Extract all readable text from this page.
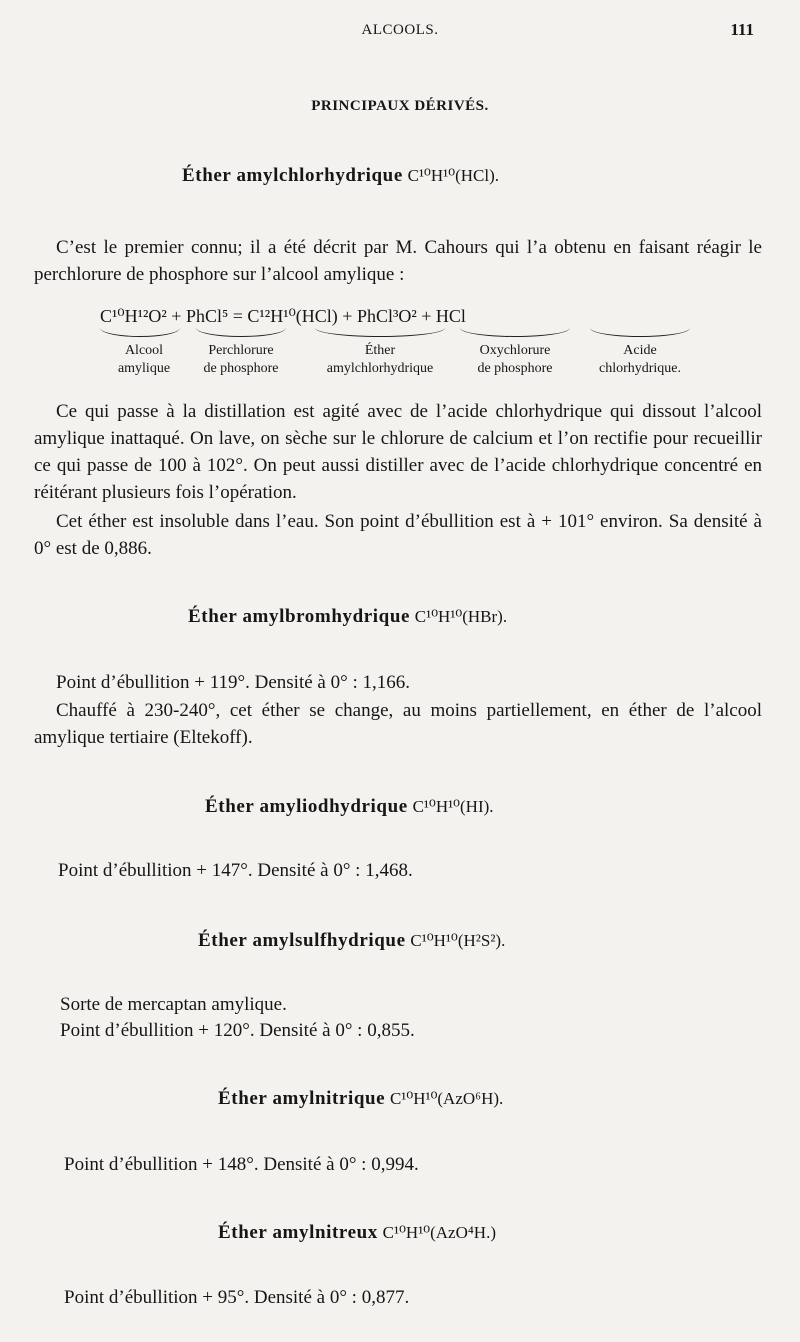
ALCOOLS.	111
PRINCIPAUX DÉRIVÉS.
Éther amylchlorhydrique C¹⁰H¹⁰(HCl).
C’est le premier connu; il a été décrit par M. Cahours qui l’a obtenu en faisant réagir le perchlorure de phosphore sur l’alcool amylique :
C¹⁰H¹²O² + PhCl⁵ = C¹²H¹⁰(HCl) + PhCl³O² + HCl
Alcool
amylique
Perchlorure
de phosphore
Éther
amylchlorhydrique
Oxychlorure
de phosphore
Acide
chlorhydrique.
Ce qui passe à la distillation est agité avec de l’acide chlorhydrique qui dissout l’alcool amylique inattaqué. On lave, on sèche sur le chlorure de calcium et l’on rectifie pour recueillir ce qui passe de 100 à 102°. On peut aussi distiller avec de l’acide chlorhydrique concentré en réitérant plusieurs fois l’opération.
Cet éther est insoluble dans l’eau. Son point d’ébullition est à + 101° environ. Sa densité à 0° est de 0,886.
Éther amylbromhydrique C¹⁰H¹⁰(HBr).
Point d’ébullition + 119°. Densité à 0° : 1,166.
Chauffé à 230-240°, cet éther se change, au moins partiellement, en éther de l’alcool amylique tertiaire (Eltekoff).
Éther amyliodhydrique C¹⁰H¹⁰(HI).
Point d’ébullition + 147°. Densité à 0° : 1,468.
Éther amylsulfhydrique C¹⁰H¹⁰(H²S²).
Sorte de mercaptan amylique.
Point d’ébullition + 120°. Densité à 0° : 0,855.
Éther amylnitrique C¹⁰H¹⁰(AzO⁶H).
Point d’ébullition + 148°. Densité à 0° : 0,994.
Éther amylnitreux C¹⁰H¹⁰(AzO⁴H.)
Point d’ébullition + 95°. Densité à 0° : 0,877.
